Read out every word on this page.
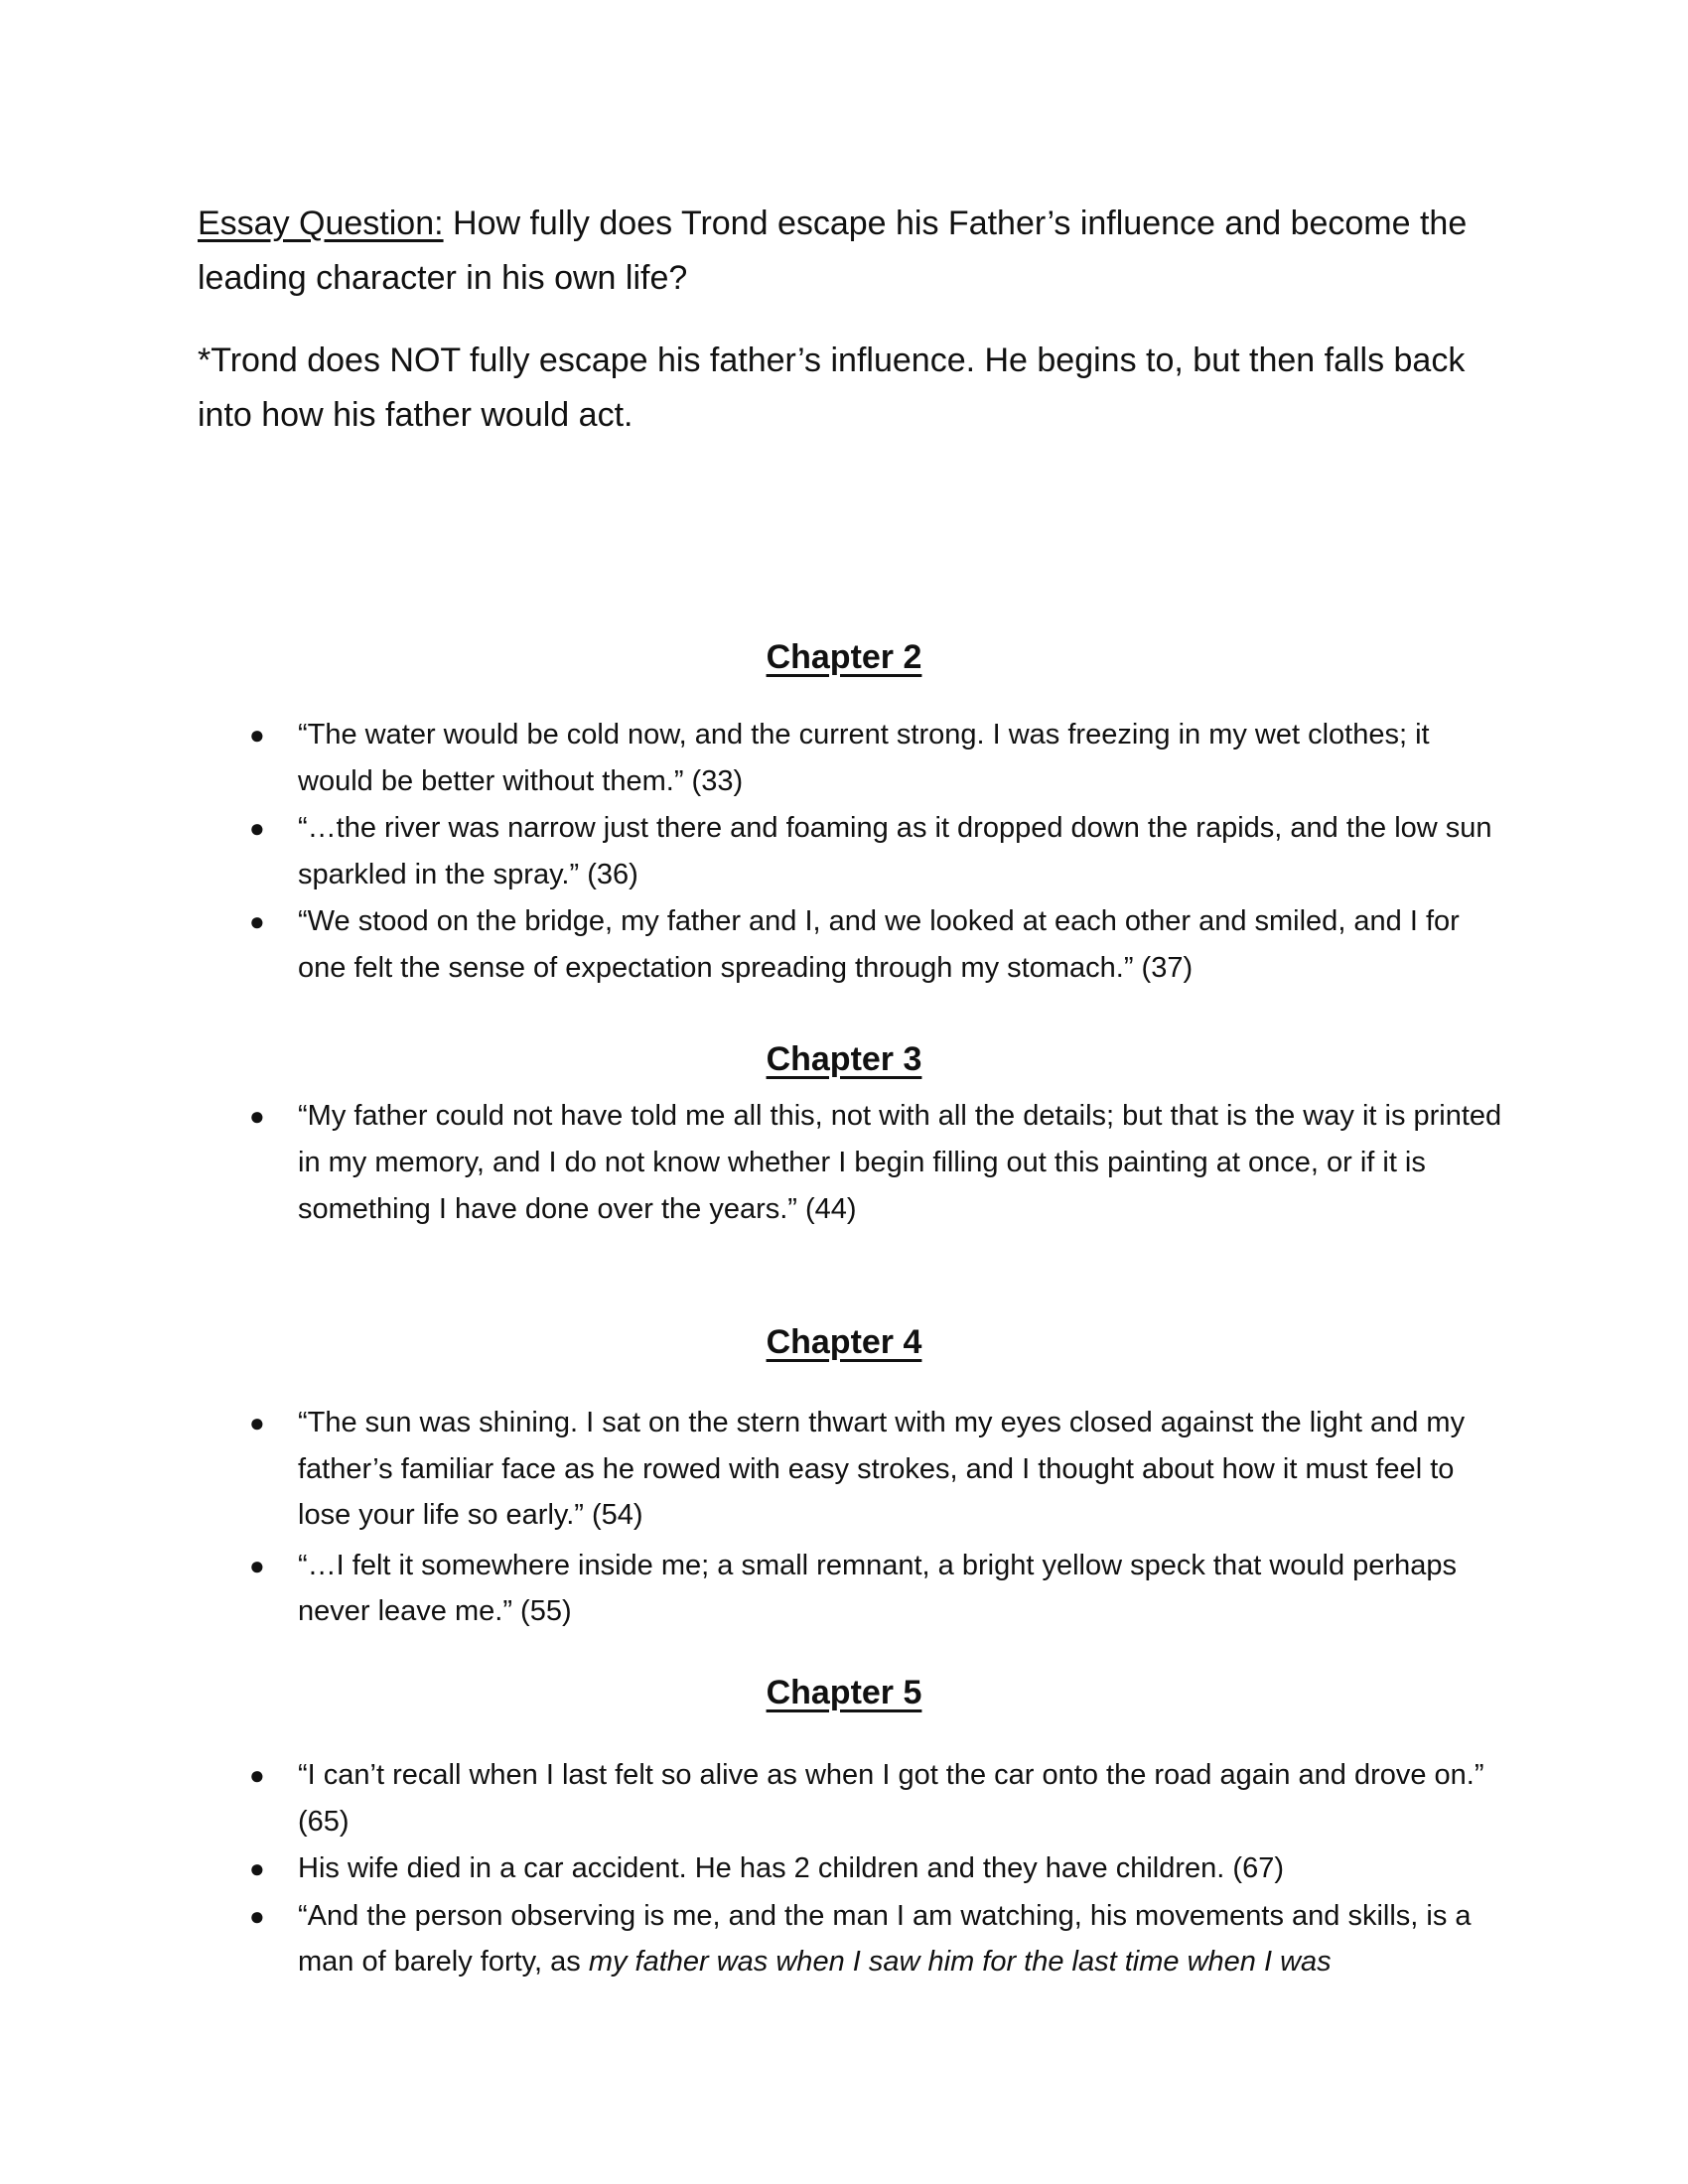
Essay Question: How fully does Trond escape his Father’s influence and become the leading character in his own life?

*Trond does NOT fully escape his father’s influence. He begins to, but then falls back into how his father would act.

Chapter 2
● “The water would be cold now, and the current strong. I was freezing in my wet clothes; it would be better without them.” (33)
● “…the river was narrow just there and foaming as it dropped down the rapids, and the low sun sparkled in the spray.” (36)
● “We stood on the bridge, my father and I, and we looked at each other and smiled, and I for one felt the sense of expectation spreading through my stomach.” (37)
Chapter 3
● “My father could not have told me all this, not with all the details; but that is the way it is printed in my memory, and I do not know whether I begin filling out this painting at once, or if it is something I have done over the years.” (44)
Chapter 4
● “The sun was shining. I sat on the stern thwart with my eyes closed against the light and my father’s familiar face as he rowed with easy strokes, and I thought about how it must feel to lose your life so early.” (54)
● “…I felt it somewhere inside me; a small remnant, a bright yellow speck that would perhaps never leave me.” (55)
Chapter 5
● “I can’t recall when I last felt so alive as when I got the car onto the road again and drove on.” (65)
● His wife died in a car accident. He has 2 children and they have children. (67)
● “And the person observing is me, and the man I am watching, his movements and skills, is a man of barely forty, as my father was when I saw him for the last time when I was
